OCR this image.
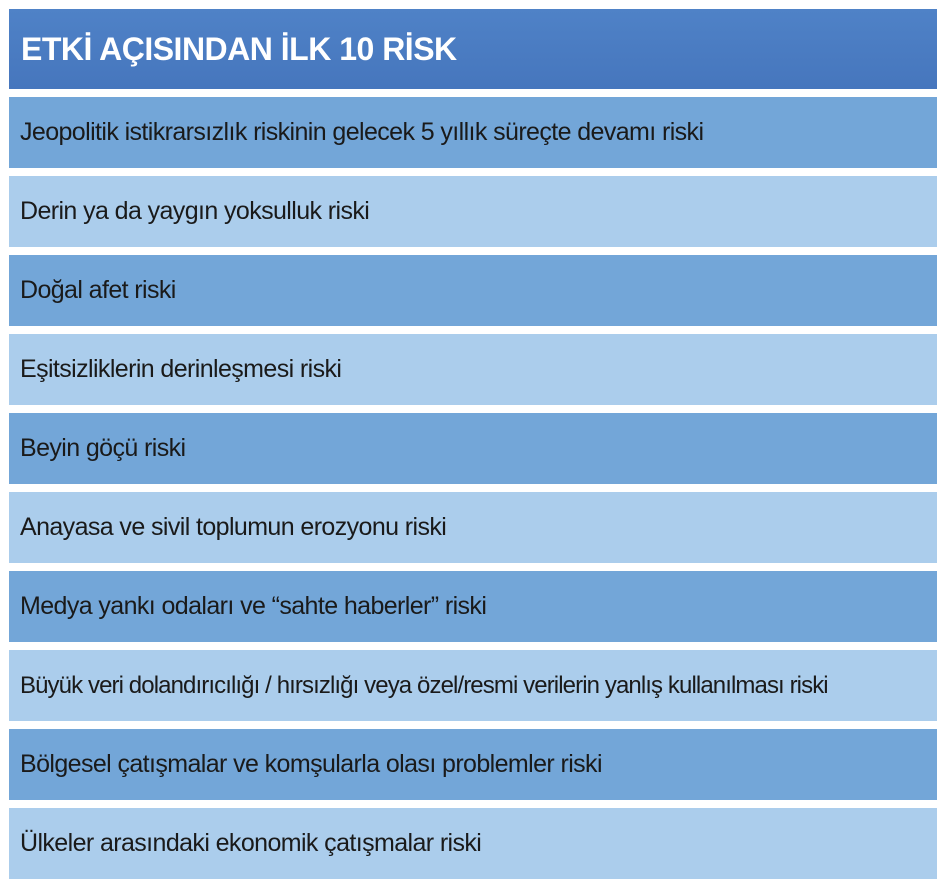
ETKİ AÇISINDAN İLK 10 RİSK
Jeopolitik istikrarsızlık riskinin gelecek 5 yıllık süreçte devamı riski
Derin ya da yaygın yoksulluk riski
Doğal afet riski
Eşitsizliklerin derinleşmesi riski
Beyin göçü riski
Anayasa ve sivil toplumun erozyonu riski
Medya yankı odaları ve “sahte haberler” riski
Büyük veri dolandırıcılığı / hırsızlığı veya özel/resmi verilerin yanlış kullanılması riski
Bölgesel çatışmalar ve komşularla olası problemler riski
Ülkeler arasındaki ekonomik çatışmalar riski
